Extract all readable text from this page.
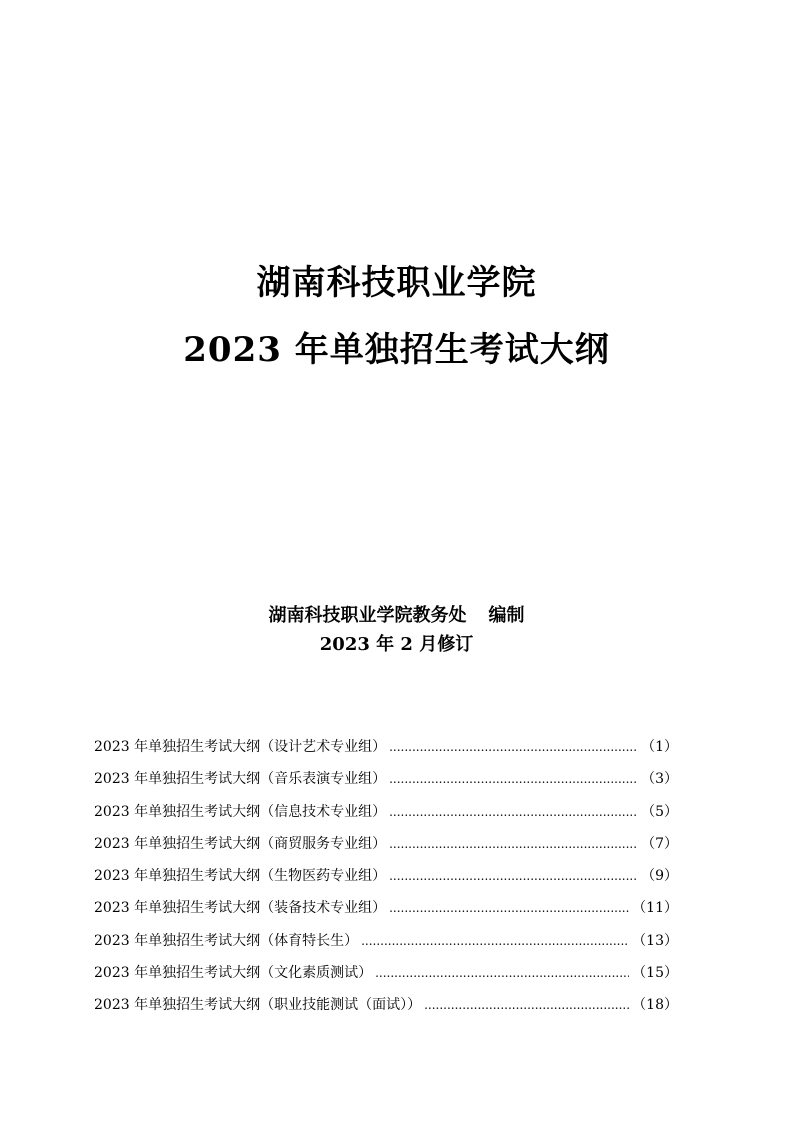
湖南科技职业学院
2023 年单独招生考试大纲
湖南科技职业学院教务处 编制
2023 年 2 月修订
2023 年单独招生考试大纲（设计艺术专业组） .....	（1）
2023 年单独招生考试大纲（音乐表演专业组） .....	（3）
2023 年单独招生考试大纲（信息技术专业组） .....	（5）
2023 年单独招生考试大纲（商贸服务专业组） .....	（7）
2023 年单独招生考试大纲（生物医药专业组） .....	（9）
2023 年单独招生考试大纲（装备技术专业组） .....	（11）
2023 年单独招生考试大纲（体育特长生） .....	（13）
2023 年单独招生考试大纲（文化素质测试） .....	（15）
2023 年单独招生考试大纲（职业技能测试（面试）） .....	（18）
